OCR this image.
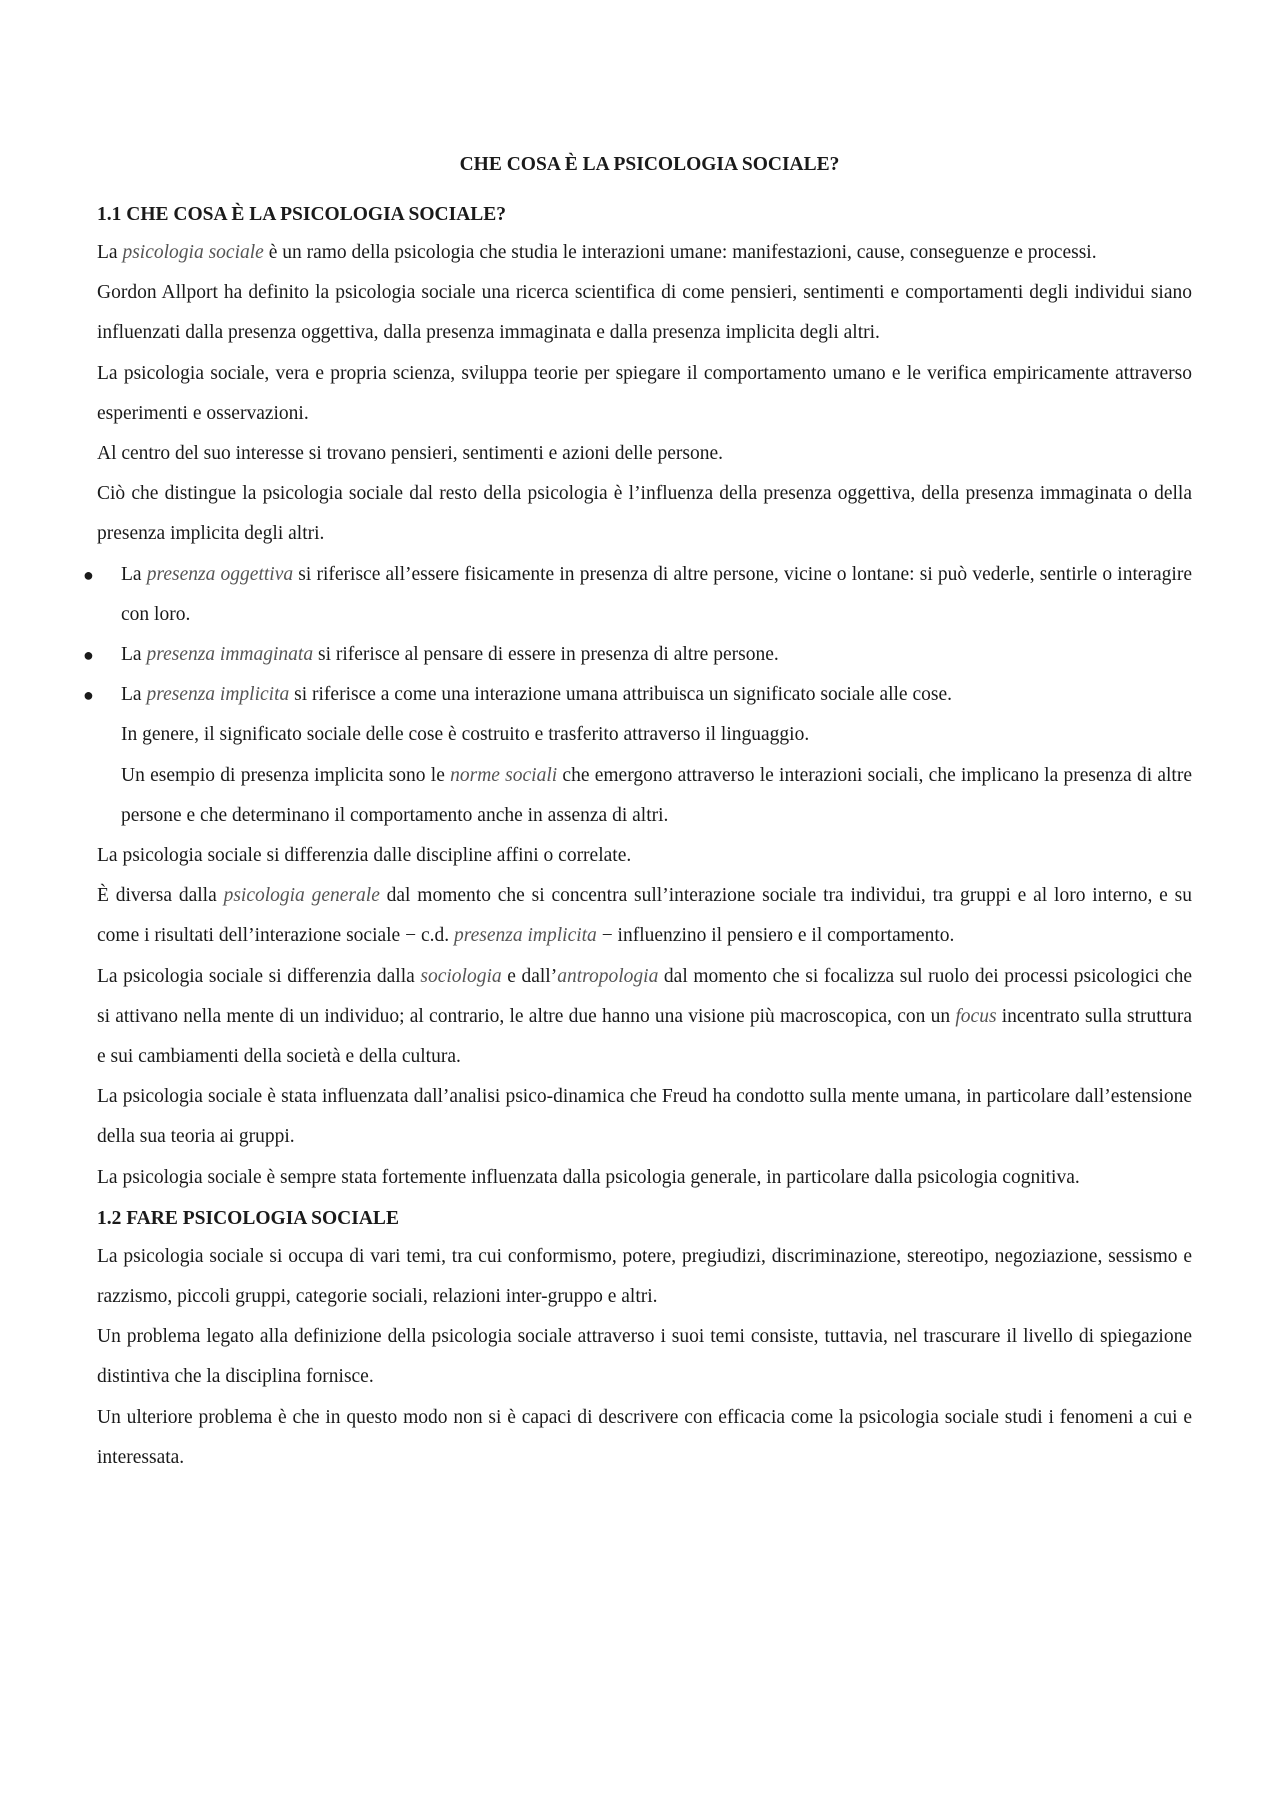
CHE COSA È LA PSICOLOGIA SOCIALE?
1.1 CHE COSA È LA PSICOLOGIA SOCIALE?

La psicologia sociale è un ramo della psicologia che studia le interazioni umane: manifestazioni, cause, conseguenze e processi.

Gordon Allport ha definito la psicologia sociale una ricerca scientifica di come pensieri, sentimenti e comportamenti degli individui siano influenzati dalla presenza oggettiva, dalla presenza immaginata e dalla presenza implicita degli altri.

La psicologia sociale, vera e propria scienza, sviluppa teorie per spiegare il comportamento umano e le verifica empiricamente attraverso esperimenti e osservazioni.

Al centro del suo interesse si trovano pensieri, sentimenti e azioni delle persone.

Ciò che distingue la psicologia sociale dal resto della psicologia è l’influenza della presenza oggettiva, della presenza immaginata o della presenza implicita degli altri.

● La presenza oggettiva si riferisce all’essere fisicamente in presenza di altre persone, vicine o lontane: si può vederle, sentirle o interagire con loro.
● La presenza immaginata si riferisce al pensare di essere in presenza di altre persone.
● La presenza implicita si riferisce a come una interazione umana attribuisca un significato sociale alle cose.

In genere, il significato sociale delle cose è costruito e trasferito attraverso il linguaggio.

Un esempio di presenza implicita sono le norme sociali che emergono attraverso le interazioni sociali, che implicano la presenza di altre persone e che determinano il comportamento anche in assenza di altri.

La psicologia sociale si differenzia dalle discipline affini o correlate.

È diversa dalla psicologia generale dal momento che si concentra sull’interazione sociale tra individui, tra gruppi e al loro interno, e su come i risultati dell’interazione sociale − c.d. presenza implicita − influenzino il pensiero e il comportamento.

La psicologia sociale si differenzia dalla sociologia e dall’antropologia dal momento che si focalizza sul ruolo dei processi psicologici che si attivano nella mente di un individuo; al contrario, le altre due hanno una visione più macroscopica, con un focus incentrato sulla struttura e sui cambiamenti della società e della cultura.

La psicologia sociale è stata influenzata dall’analisi psico-dinamica che Freud ha condotto sulla mente umana, in particolare dall’estensione della sua teoria ai gruppi.

La psicologia sociale è sempre stata fortemente influenzata dalla psicologia generale, in particolare dalla psicologia cognitiva.

1.2 FARE PSICOLOGIA SOCIALE

La psicologia sociale si occupa di vari temi, tra cui conformismo, potere, pregiudizi, discriminazione, stereotipo, negoziazione, sessismo e razzismo, piccoli gruppi, categorie sociali, relazioni inter-gruppo e altri.

Un problema legato alla definizione della psicologia sociale attraverso i suoi temi consiste, tuttavia, nel trascurare il livello di spiegazione distintiva che la disciplina fornisce.

Un ulteriore problema è che in questo modo non si è capaci di descrivere con efficacia come la psicologia sociale studi i fenomeni a cui e    interessata.
